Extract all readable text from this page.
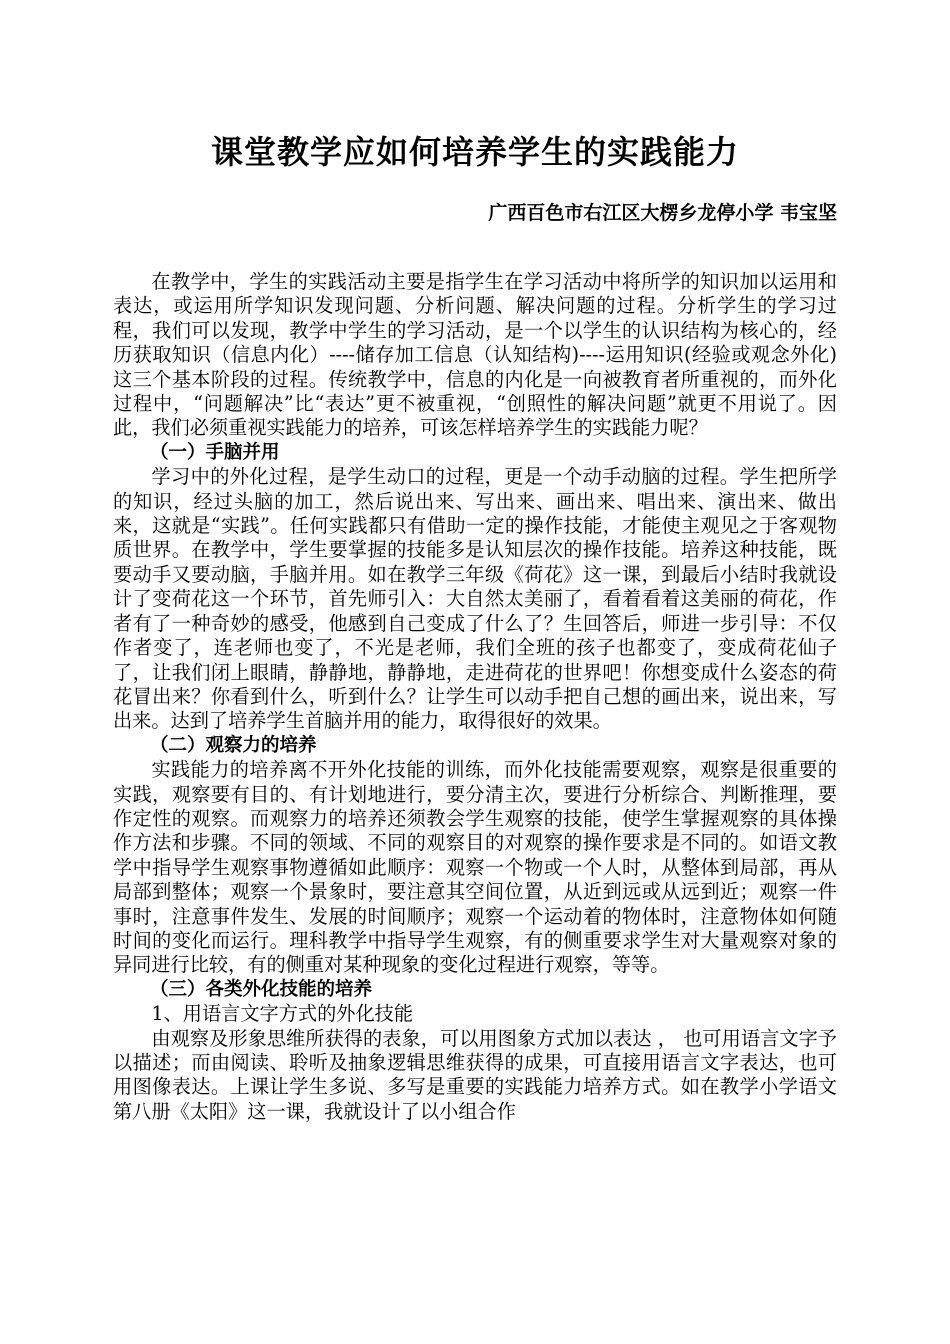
课堂教学应如何培养学生的实践能力
广西百色市右江区大楞乡龙停小学 韦宝坚

在教学中，学生的实践活动主要是指学生在学习活动中将所学的知识加以运用和表达，或运用所学知识发现问题、分析问题、解决问题的过程。分析学生的学习过程，我们可以发现，教学中学生的学习活动，是一个以学生的认识结构为核心的，经历获取知识（信息内化）----储存加工信息（认知结构)----运用知识(经验或观念外化)这三个基本阶段的过程。传统教学中，信息的内化是一向被教育者所重视的，而外化过程中，“问题解决”比“表达”更不被重视，“创照性的解决问题”就更不用说了。因此，我们必须重视实践能力的培养，可该怎样培养学生的实践能力呢？

（一）手脑并用

学习中的外化过程，是学生动口的过程，更是一个动手动脑的过程。学生把所学的知识，经过头脑的加工，然后说出来、写出来、画出来、唱出来、演出来、做出来，这就是“实践”。任何实践都只有借助一定的操作技能，才能使主观见之于客观物质世界。在教学中，学生要掌握的技能多是认知层次的操作技能。培养这种技能，既要动手又要动脑，手脑并用。如在教学三年级《荷花》这一课，到最后小结时我就设计了变荷花这一个环节，首先师引入：大自然太美丽了，看着看着这美丽的荷花，作者有了一种奇妙的感受，他感到自己变成了什么了？生回答后，师进一步引导：不仅作者变了，连老师也变了，不光是老师，我们全班的孩子也都变了，变成荷花仙子了，让我们闭上眼睛，静静地，静静地，走进荷花的世界吧！你想变成什么姿态的荷花冒出来？你看到什么，听到什么？让学生可以动手把自己想的画出来，说出来，写出来。达到了培养学生首脑并用的能力，取得很好的效果。

（二）观察力的培养

实践能力的培养离不开外化技能的训练，而外化技能需要观察，观察是很重要的实践，观察要有目的、有计划地进行，要分清主次，要进行分析综合、判断推理，要作定性的观察。而观察力的培养还须教会学生观察的技能，使学生掌握观察的具体操作方法和步骤。不同的领域、不同的观察目的对观察的操作要求是不同的。如语文教学中指导学生观察事物遵循如此顺序：观察一个物或一个人时，从整体到局部，再从局部到整体；观察一个景象时，要注意其空间位置，从近到远或从远到近；观察一件事时，注意事件发生、发展的时间顺序；观察一个运动着的物体时，注意物体如何随时间的变化而运行。理科教学中指导学生观察，有的侧重要求学生对大量观察对象的异同进行比较，有的侧重对某种现象的变化过程进行观察，等等。

（三）各类外化技能的培养

1、用语言文字方式的外化技能

由观察及形象思维所获得的表象，可以用图象方式加以表达 ， 也可用语言文字予以描述；而由阅读、聆听及抽象逻辑思维获得的成果，可直接用语言文字表达，也可用图像表达。上课让学生多说、多写是重要的实践能力培养方式。如在教学小学语文第八册《太阳》这一课，我就设计了以小组合作
